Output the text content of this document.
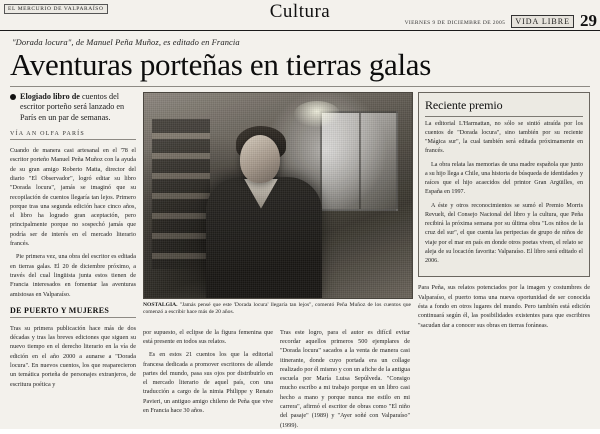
EL MERCURIO DE VALPARAÍSO	Cultura
VIERNES 9 DE DICIEMBRE DE 2005	VIDA LIBRE 29
"Dorada locura", de Manuel Peña Muñoz, es editado en Francia
Aventuras porteñas en tierras galas
Elogiado libro de cuentos del escritor porteño será lanzado en París en un par de semanas.
VÍA AN OLFA PARÍS

Cuando de manera casi artesanal en el '78 el escritor porteño Manuel Peña Muñoz con la ayuda de su gran amigo Roberto Matta, director del diario "El Observador", logró editar su libro "Dorada locura", jamás se imaginó que su recopilación de cuentos llegaría tan lejos. Primero porque tras una segunda edición hace cinco años, el libro ha logrado gran aceptación, pero principalmente porque no sospechó jamás que podría ser de interés en el mercado literario francés.

Pie primera vez, una obra del escritor es editada en tierras galas. El 20 de diciembre próximo, a través del cual lingüista junta estos tienen de Francia interesados en fomentar las aventuras amistosas en Valparaíso.

DE PUERTO Y MUJERES

Tras su primera publicación hace más de dos décadas y tras las breves ediciones que siguen su nuevo tiempo en el derecho literario en la vía de edición en el año 2000 a aunarse a "Dorada locura". En nuevos cuentos, los que reaparecieron un temática porteña de personajes extranjeros, de escritura poética y

NOSTALGIA. "Jamás pensé que este 'Dorada locura' llegaría tan lejos", comentó Peña Muñoz de los cuentos que comenzó a escribir hace más de 20 años.

por supuesto, el eclipse de la figura femenina que está presente en todos sus relatos.

Es en estos 21 cuentos los que la editorial francesa dedicada a promover escritores de allende partes del mundo, pasa sus ojos por distribuirlo en el mercado literario de aquel país, con una traducción a cargo de la nimia Philippe y Renato Pavieri, un antiguo amigo chileno de Peña que vive en Francia hace 30 años.

Tras este logro, para el autor es difícil evitar recordar aquellos primeros 500 ejemplares de "Dorada locura" sacados a la venta de manera casi itinerante, donde cuyo portada era un collage realizado por él mismo y con un afiche de la antigua escuela por María Luisa Sepúlveda. "Consigo mucho escribo a mi trabajo porque en un libro casi hecho a mano y porque nunca me estilo en mi carrera", afirmó el escritor de obras como "El niño del pasaje" (1989) y "Ayer soñé con Valparaíso" (1999).

Reciente premio

La editorial L'Harmattan, no sólo se sintió atraída por los cuentos de "Dorada locura", sino también por su reciente "Mágica sur", la cual también será editada próximamente en francés.

La obra relata las memorias de una madre española que junto a su hijo llega a Chile, una historia de búsqueda de identidades y raíces que el hijo acaecidos del printor Gran Argüilles, en España en 1997.

A éste y otros reconocimientos se sumó el Premio Morris Revuelt, del Consejo Nacional del libro y la cultura, que Peña recibirá la próxima semana por su última obra "Los niños de la cruz del sur", el que cuenta las peripecias de grupo de niños de viaje por el mar en país en donde otros poetas viven, el relato se aleja de su locación favorita: Valparaíso. El libro será editado el 2006.

Para Peña, sus relatos potenciados por la imagen y costumbres de Valparaíso, el puerto toma una nueva oportunidad de ser conocida ésta a fondo en otros lugares del mundo. Pero también está edición continuará según él, las posibilidades existentes para que escribires "sacudan dar a conocer sus obras en tierras foráneas.
